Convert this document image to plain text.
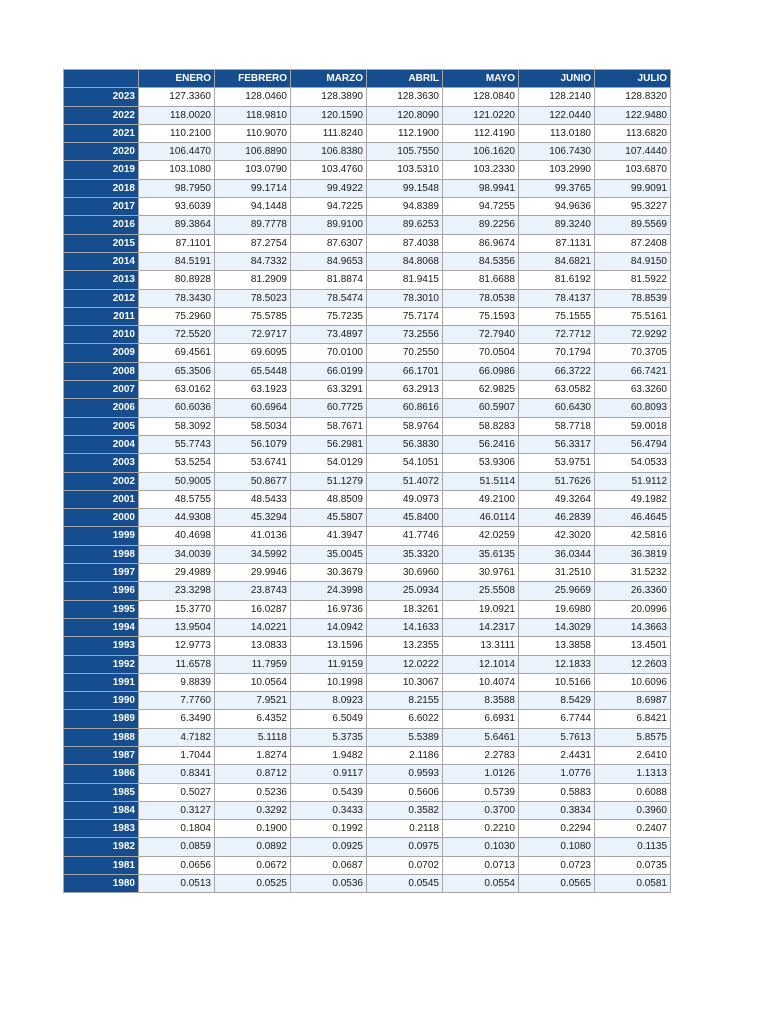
	ENERO	FEBRERO	MARZO	ABRIL	MAYO	JUNIO	JULIO
2023	127.3360	128.0460	128.3890	128.3630	128.0840	128.2140	128.8320
2022	118.0020	118.9810	120.1590	120.8090	121.0220	122.0440	122.9480
2021	110.2100	110.9070	111.8240	112.1900	112.4190	113.0180	113.6820
2020	106.4470	106.8890	106.8380	105.7550	106.1620	106.7430	107.4440
2019	103.1080	103.0790	103.4760	103.5310	103.2330	103.2990	103.6870
2018	98.7950	99.1714	99.4922	99.1548	98.9941	99.3765	99.9091
2017	93.6039	94.1448	94.7225	94.8389	94.7255	94.9636	95.3227
2016	89.3864	89.7778	89.9100	89.6253	89.2256	89.3240	89.5569
2015	87.1101	87.2754	87.6307	87.4038	86.9674	87.1131	87.2408
2014	84.5191	84.7332	84.9653	84.8068	84.5356	84.6821	84.9150
2013	80.8928	81.2909	81.8874	81.9415	81.6688	81.6192	81.5922
2012	78.3430	78.5023	78.5474	78.3010	78.0538	78.4137	78.8539
2011	75.2960	75.5785	75.7235	75.7174	75.1593	75.1555	75.5161
2010	72.5520	72.9717	73.4897	73.2556	72.7940	72.7712	72.9292
2009	69.4561	69.6095	70.0100	70.2550	70.0504	70.1794	70.3705
2008	65.3506	65.5448	66.0199	66.1701	66.0986	66.3722	66.7421
2007	63.0162	63.1923	63.3291	63.2913	62.9825	63.0582	63.3260
2006	60.6036	60.6964	60.7725	60.8616	60.5907	60.6430	60.8093
2005	58.3092	58.5034	58.7671	58.9764	58.8283	58.7718	59.0018
2004	55.7743	56.1079	56.2981	56.3830	56.2416	56.3317	56.4794
2003	53.5254	53.6741	54.0129	54.1051	53.9306	53.9751	54.0533
2002	50.9005	50.8677	51.1279	51.4072	51.5114	51.7626	51.9112
2001	48.5755	48.5433	48.8509	49.0973	49.2100	49.3264	49.1982
2000	44.9308	45.3294	45.5807	45.8400	46.0114	46.2839	46.4645
1999	40.4698	41.0136	41.3947	41.7746	42.0259	42.3020	42.5816
1998	34.0039	34.5992	35.0045	35.3320	35.6135	36.0344	36.3819
1997	29.4989	29.9946	30.3679	30.6960	30.9761	31.2510	31.5232
1996	23.3298	23.8743	24.3998	25.0934	25.5508	25.9669	26.3360
1995	15.3770	16.0287	16.9736	18.3261	19.0921	19.6980	20.0996
1994	13.9504	14.0221	14.0942	14.1633	14.2317	14.3029	14.3663
1993	12.9773	13.0833	13.1596	13.2355	13.3111	13.3858	13.4501
1992	11.6578	11.7959	11.9159	12.0222	12.1014	12.1833	12.2603
1991	9.8839	10.0564	10.1998	10.3067	10.4074	10.5166	10.6096
1990	7.7760	7.9521	8.0923	8.2155	8.3588	8.5429	8.6987
1989	6.3490	6.4352	6.5049	6.6022	6.6931	6.7744	6.8421
1988	4.7182	5.1118	5.3735	5.5389	5.6461	5.7613	5.8575
1987	1.7044	1.8274	1.9482	2.1186	2.2783	2.4431	2.6410
1986	0.8341	0.8712	0.9117	0.9593	1.0126	1.0776	1.1313
1985	0.5027	0.5236	0.5439	0.5606	0.5739	0.5883	0.6088
1984	0.3127	0.3292	0.3433	0.3582	0.3700	0.3834	0.3960
1983	0.1804	0.1900	0.1992	0.2118	0.2210	0.2294	0.2407
1982	0.0859	0.0892	0.0925	0.0975	0.1030	0.1080	0.1135
1981	0.0656	0.0672	0.0687	0.0702	0.0713	0.0723	0.0735
1980	0.0513	0.0525	0.0536	0.0545	0.0554	0.0565	0.0581
